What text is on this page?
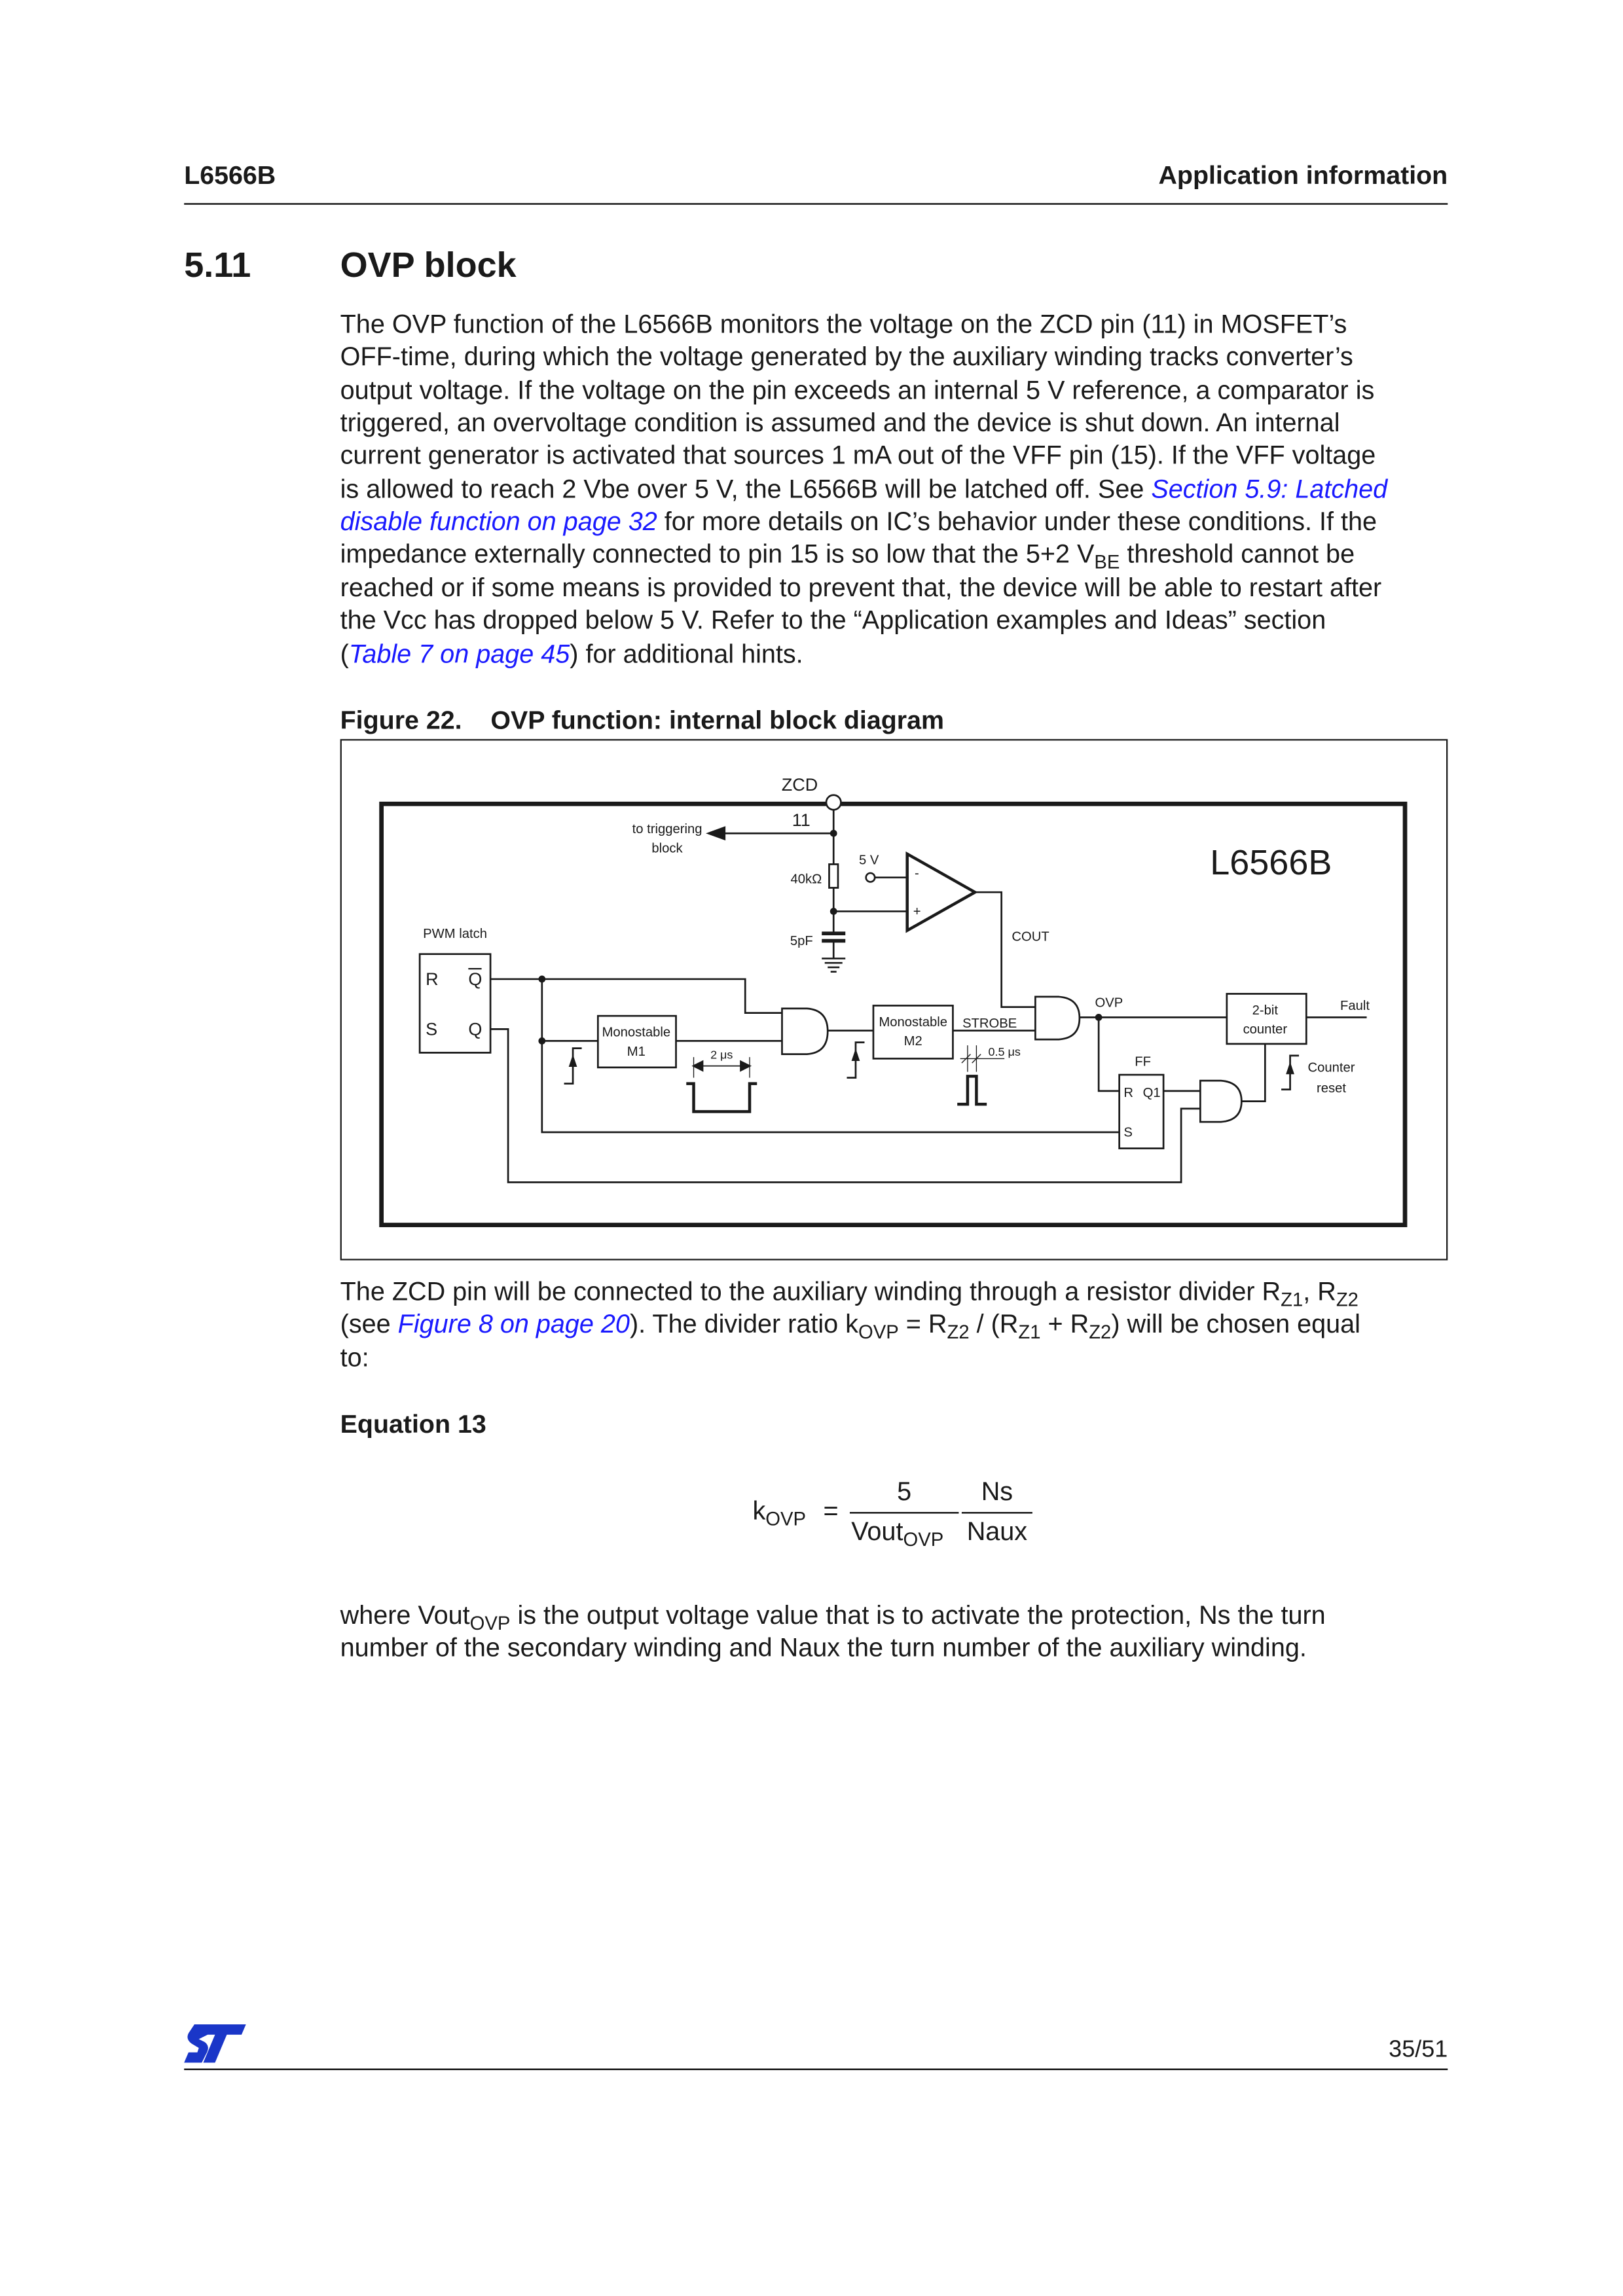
L6566B	Application information
5.11	OVP block
The OVP function of the L6566B monitors the voltage on the ZCD pin (11) in MOSFET’s
OFF-time, during which the voltage generated by the auxiliary winding tracks converter’s
output voltage. If the voltage on the pin exceeds an internal 5 V reference, a comparator is
triggered, an overvoltage condition is assumed and the device is shut down. An internal
current generator is activated that sources 1 mA out of the VFF pin (15). If the VFF voltage
is allowed to reach 2 Vbe over 5 V, the L6566B will be latched off. See Section 5.9: Latched
disable function on page 32 for more details on IC’s behavior under these conditions. If the
impedance externally connected to pin 15 is so low that the 5+2 $V_{BE}$ threshold cannot be
reached or if some means is provided to prevent that, the device will be able to restart after
the Vcc has dropped below 5 V. Refer to the “Application examples and Ideas” section
(Table 7 on page 45) for additional hints.
Figure 22.    OVP function: internal block diagram
ZCD
11
to triggering
block
40kΩ
5 V
5pF
-
+
L6566B
PWM latch
R	Q
S	Q	Monostable
M1
Monostable
M2
2 μs
STROBE
0.5 μs
COUT
OVP
FF
R Q1
S
2-bit
counter
Fault
Counter
reset
The ZCD pin will be connected to the auxiliary winding through a resistor divider $R_{Z1}$, $R_{Z2}$
(see Figure 8 on page 20). The divider ratio $k_{OVP} = R_{Z2} / (R_{Z1} + R_{Z2})$ will be chosen equal
to:
Equation 13
$k_{OVP}$ =
5
Vout$_{OVP}$
Ns
Naux
where Vout$_{OVP}$ is the output voltage value that is to activate the protection, Ns the turn
number of the secondary winding and Naux the turn number of the auxiliary winding.
35/51
